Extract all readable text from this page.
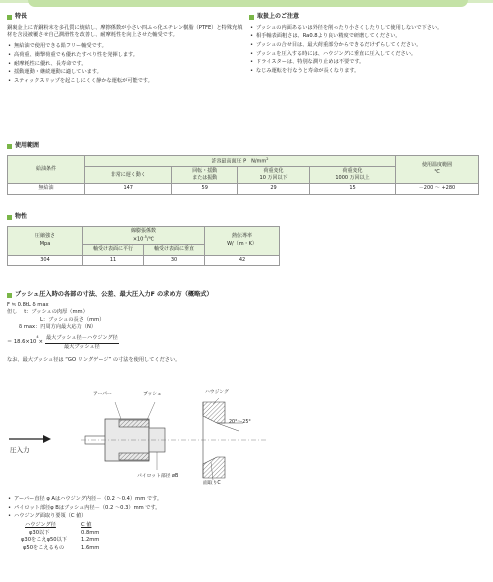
特長

銅裏金上に青銅粉末を多孔質に焼結し、摩擦係数が小さい四ふっ化エチレン樹脂（PTFE）と特殊充填材を含浸被覆させ自己潤滑性を改善し、耐摩耗性を向上させた軸受です。

• 無給油で使用できる鉛フリー軸受です。
• 高荷重、衝撃荷重でも優れたすべり性を発揮します。
• 耐摩耗性に優れ、長寿命です。
• 揺動運動・継続運動に適しています。
• スティックスリップを起こしにくく静かな運転が可能です。
取扱上のご注意
• ブッシュの内面あるいは外径を削ったり小さくしたりして使用しないで下さい。
• 相手軸表面粗さは、Ra0.8より良い精度で研磨してください。
• ブッシュの合せ目は、最大荷重部分からできるだけずらしてください。
• ブッシュを圧入する時には、ハウジングに垂直に圧入してください。
• ドライスターは、特別な潤り止めは不要です。
• なじみ運転を行なうと寿命が長くなります。
使用範囲
給油条件	許容最高面圧 P　$N/mm^2$				使用温度範囲
℃
	非常に遅く動く	回転・揺動
または振動	荷重変化
10 万回以下	荷重変化
1000 万回以上	
無給油	147	59	29	15	－200 ～ +280
物性
圧縮強さ
Mpa	線膨張係数
$\times 10^{-5}/℃$		熱伝導率
W/（m・K）
	軸受け表面に平行	軸受け表面に垂直	
304	11	30	42
ブッシュ圧入時の各部の寸法、公差、最大圧入力F の求め方（概略式）

F ≒ 0.8tL δ max

但し　 t：ブッシュの肉厚（mm）

L：ブッシュの長さ（mm）

δ max：円周方向最大応力（N）

＝ 18.6×10
$^4$
× $\frac{\text{最大ブッシュ径－ハウジング径}}{\text{最大ブッシュ径}}$

なお、最大ブッシュ径は “GO リングゲージ” の寸法を使用してください。

アーバー	ブッシュ	ハウジング
20°～25°
圧入力
パイロット部径 øB
面取りC
• アーバー直径 φ Aはハウジング内径－（0.2 ～0.4）mm です。
• パイロット部径φ Bはブッシュ内径－（0.2 ～0.3）mm です。
• ハウジング面取り要領（C 値）
ハウジング径	C 値
φ30以下	0.8mm
φ30をこえφ50以下	1.2mm
φ50をこえるもの	1.6mm
